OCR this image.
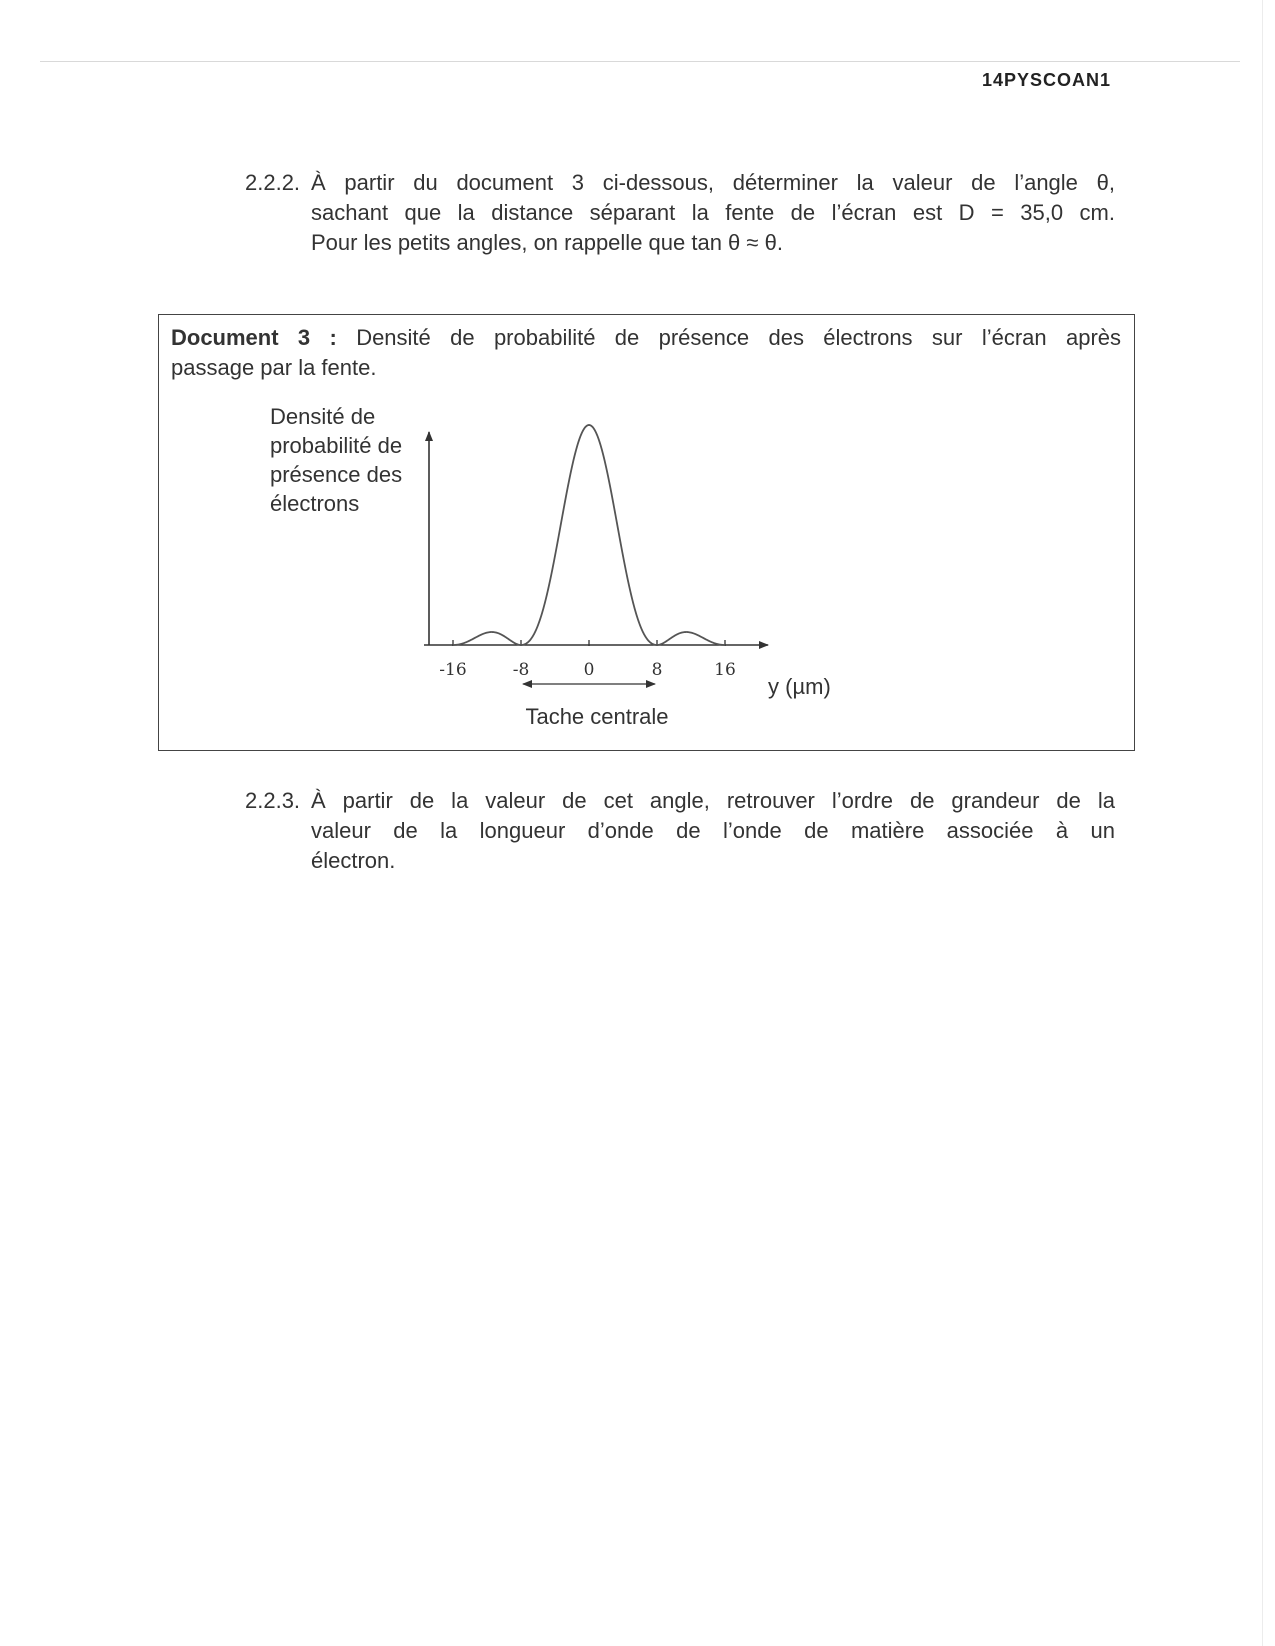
14PYSCOAN1
2.2.2. À partir du document 3 ci-dessous, déterminer la valeur de l’angle θ,
sachant que la distance séparant la fente de l’écran est D = 35,0 cm.
Pour les petits angles, on rappelle que tan θ ≈ θ.
Document 3 : Densité de probabilité de présence des électrons sur l’écran après
passage par la fente.
Densité de
probabilité de
présence des
électrons
-16	-8	0	8	16
y (µm)
Tache centrale
2.2.3. À partir de la valeur de cet angle, retrouver l’ordre de grandeur de la
valeur de la longueur d’onde de l’onde de matière associée à un
électron.
